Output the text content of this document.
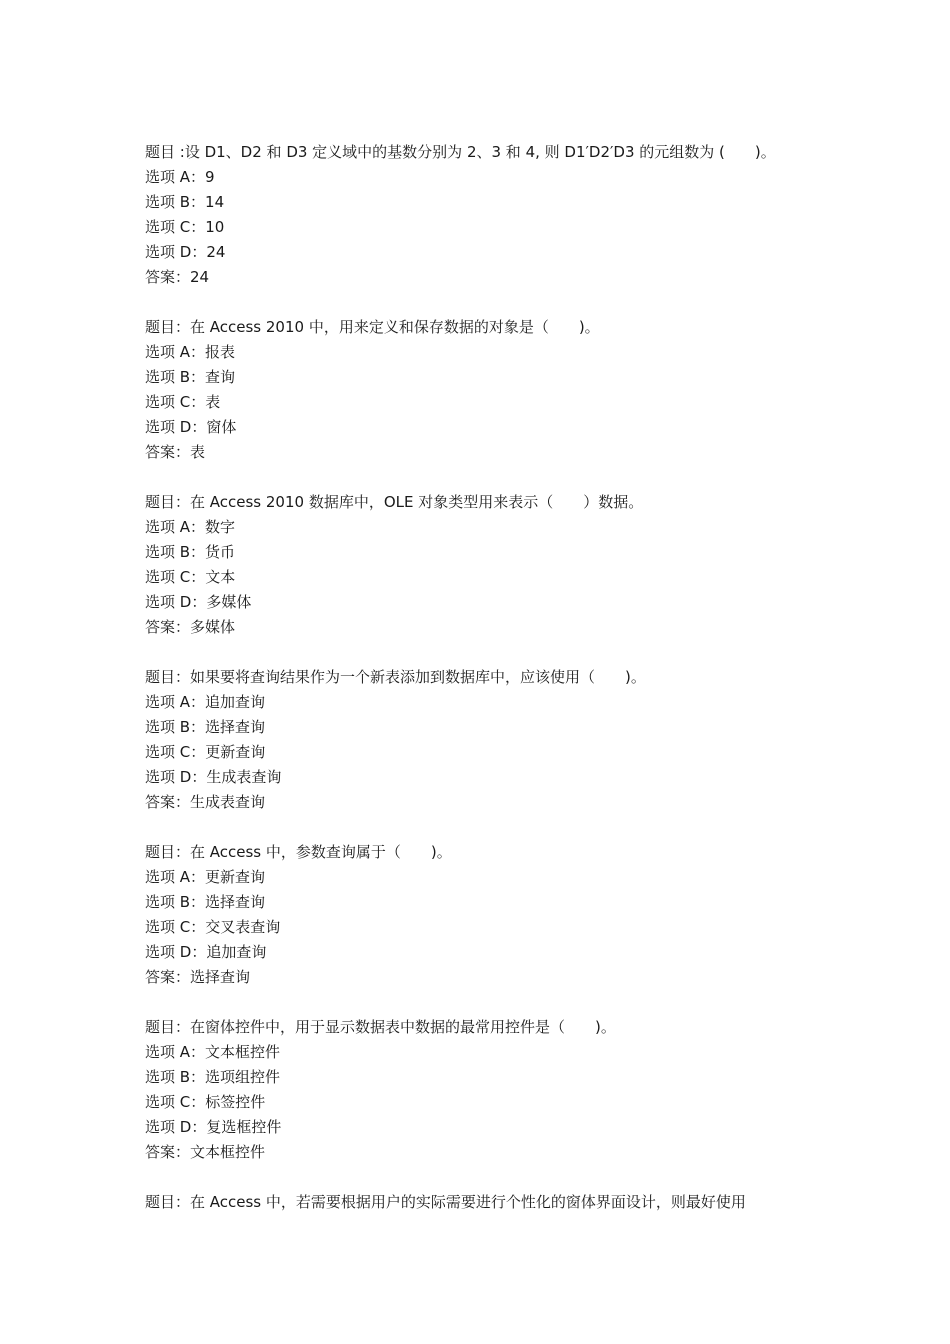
题目 :设 D1、D2 和 D3 定义域中的基数分别为 2、3 和 4, 则 D1′D2′D3 的元组数为 (　　)。
选项 A：9
选项 B：14
选项 C：10
选项 D：24
答案：24
题目：在 Access 2010 中，用来定义和保存数据的对象是（　　)。
选项 A：报表
选项 B：查询
选项 C：表
选项 D：窗体
答案：表
题目：在 Access 2010 数据库中，OLE 对象类型用来表示（　　）数据。
选项 A：数字
选项 B：货币
选项 C：文本
选项 D：多媒体
答案：多媒体
题目：如果要将查询结果作为一个新表添加到数据库中，应该使用（　　)。
选项 A：追加查询
选项 B：选择查询
选项 C：更新查询
选项 D：生成表查询
答案：生成表查询
题目：在 Access 中，参数查询属于（　　)。
选项 A：更新查询
选项 B：选择查询
选项 C：交叉表查询
选项 D：追加查询
答案：选择查询
题目：在窗体控件中，用于显示数据表中数据的最常用控件是（　　)。
选项 A：文本框控件
选项 B：选项组控件
选项 C：标签控件
选项 D：复选框控件
答案：文本框控件
题目：在 Access 中，若需要根据用户的实际需要进行个性化的窗体界面设计，则最好使用
